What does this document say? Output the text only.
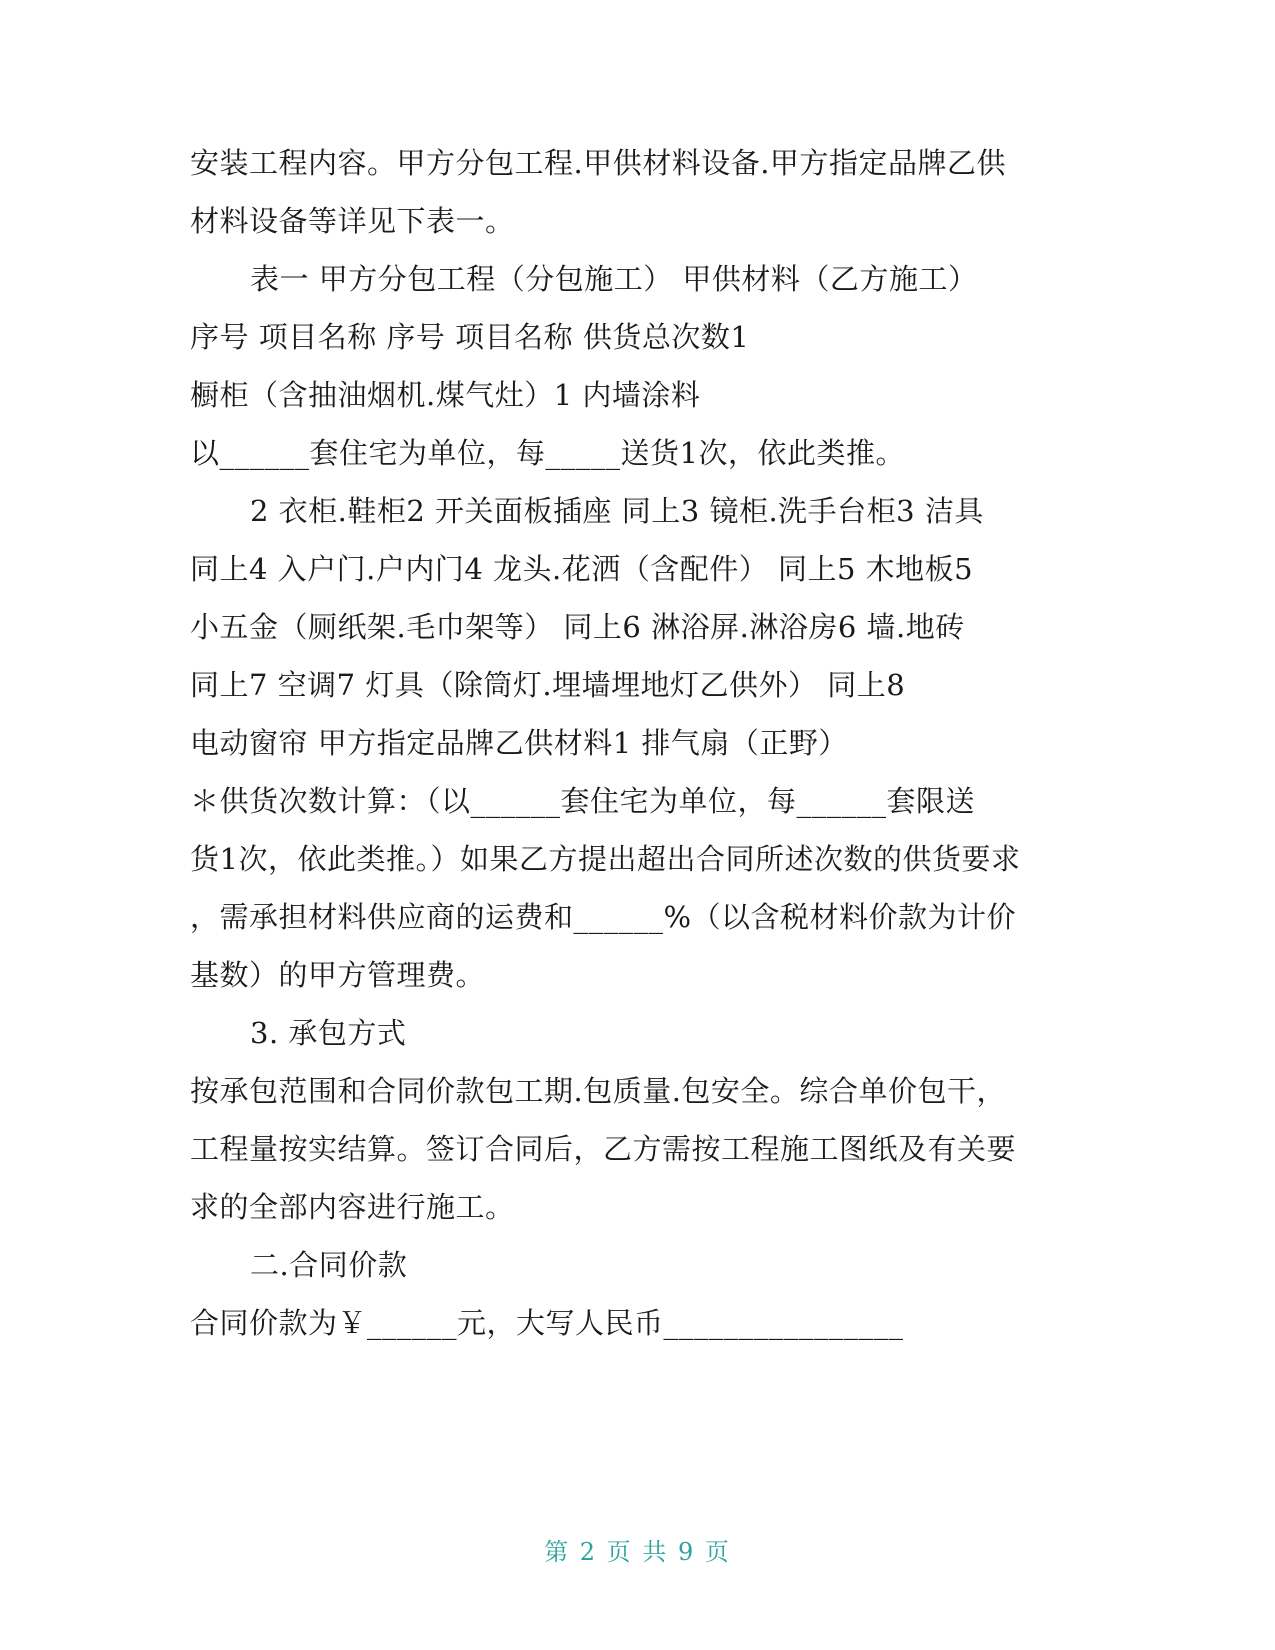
安装工程内容。甲方分包工程.甲供材料设备.甲方指定品牌乙供
材料设备等详见下表一。
表一 甲方分包工程（分包施工） 甲供材料（乙方施工）
序号 项目名称 序号 项目名称 供货总次数1
橱柜（含抽油烟机.煤气灶）1 内墙涂料
以______套住宅为单位，每_____送货1次，依此类推。
2 衣柜.鞋柜2 开关面板插座 同上3 镜柜.洗手台柜3 洁具
同上4 入户门.户内门4 龙头.花洒（含配件） 同上5 木地板5
小五金（厕纸架.毛巾架等） 同上6 淋浴屏.淋浴房6 墙.地砖
同上7 空调7 灯具（除筒灯.埋墙埋地灯乙供外） 同上8
电动窗帘 甲方指定品牌乙供材料1 排气扇（正野）
＊供货次数计算：（以______套住宅为单位，每______套限送
货1次，依此类推。）如果乙方提出超出合同所述次数的供货要求
，需承担材料供应商的运费和______%（以含税材料价款为计价
基数）的甲方管理费。
3. 承包方式
按承包范围和合同价款包工期.包质量.包安全。综合单价包干，
工程量按实结算。签订合同后，乙方需按工程施工图纸及有关要
求的全部内容进行施工。
二.合同价款
合同价款为￥______元，大写人民币________________
第 2 页 共 9 页
